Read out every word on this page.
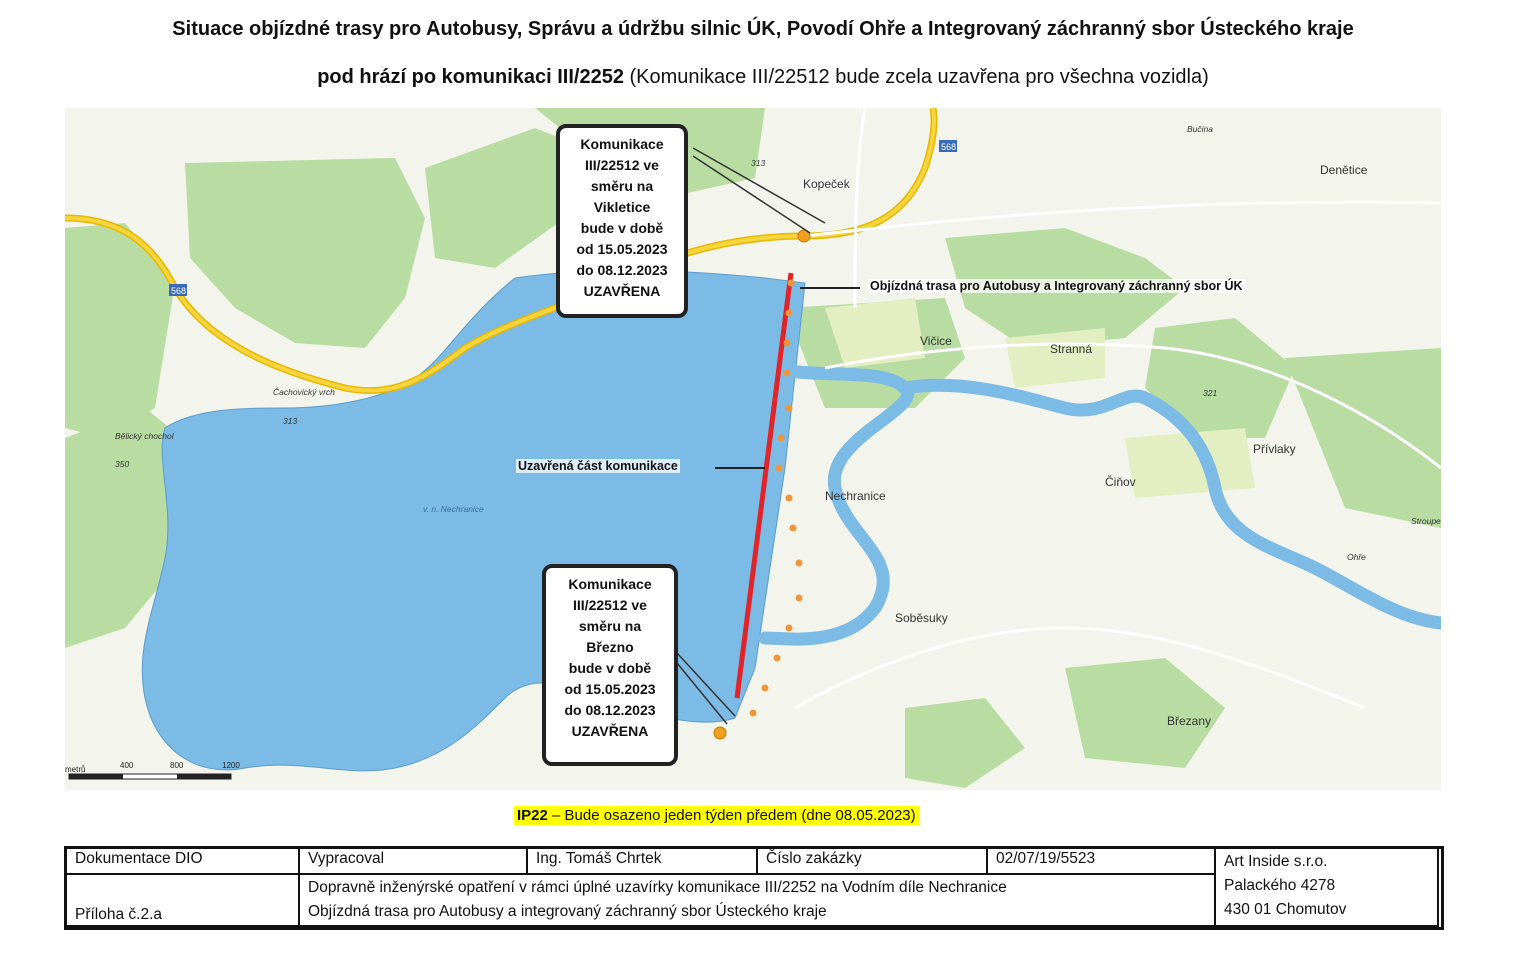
Situace objízdné trasy pro Autobusy, Správu a údržbu silnic ÚK, Povodí Ohře a Integrovaný záchranný sbor Ústeckého kraje
pod hrází po komunikaci III/2252 (Komunikace III/22512 bude zcela uzavřena pro všechna vozidla)
Kopeček
Denětice
Vičice
Stranná
Přívlaky
Čiňov
Nechranice
Soběsuky
Březany
Čachovický vrch
313
Bělický chochol
350
313
321
Bučina
Stroupe
Ohře
v. n. Nechranice
568
568
metrů	400	800	1200
Komunikace
III/22512 ve
směru na
Vikletice
bude v době
od 15.05.2023
do 08.12.2023
UZAVŘENA
Komunikace
III/22512 ve
směru na
Březno
bude v době
od 15.05.2023
do 08.12.2023
UZAVŘENA
Objízdná trasa pro Autobusy a Integrovaný záchranný sbor ÚK
Uzavřená část komunikace
IP22 – Bude osazeno jeden týden předem (dne 08.05.2023)
Dokumentace DIO	Vypracoval	Ing. Tomáš Chrtek	Číslo zakázky	02/07/19/5523	Art Inside s.r.o.
Palackého 4278
430 01 Chomutov

Příloha č.2.a	Dopravně inženýrské opatření v rámci úplné uzavírky komunikace III/2252 na Vodním díle Nechranice
Objízdná trasa pro Autobusy a integrovaný záchranný sbor Ústeckého kraje				
